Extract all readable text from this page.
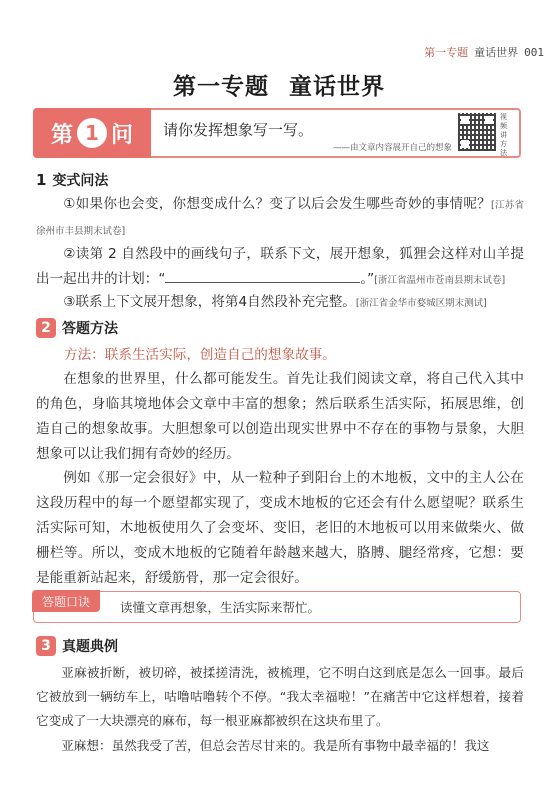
第一专题 童话世界 001
第一专题 童话世界
第 1 问 请你发挥想象写一写。
——由文章内容展开自己的想象
视频讲方法
1 变式问法
①如果你也会变，你想变成什么？变了以后会发生哪些奇妙的事情呢？[江苏省徐州市丰县期末试卷]
②读第 2 自然段中的画线句子，联系下文，展开想象，狐狸会这样对山羊提出一起出井的计划：“	。”[浙江省温州市苍南县期末试卷]
③联系上下文展开想象，将第4自然段补充完整。[浙江省金华市婺城区期末测试]
2 答题方法
方法：联系生活实际，创造自己的想象故事。
在想象的世界里，什么都可能发生。首先让我们阅读文章，将自己代入其中的角色，身临其境地体会文章中丰富的想象；然后联系生活实际，拓展思维，创造自己的想象故事。大胆想象可以创造出现实世界中不存在的事物与景象，大胆想象可以让我们拥有奇妙的经历。
例如《那一定会很好》中，从一粒种子到阳台上的木地板，文中的主人公在这段历程中的每一个愿望都实现了，变成木地板的它还会有什么愿望呢？联系生活实际可知，木地板使用久了会变坏、变旧，老旧的木地板可以用来做柴火、做栅栏等。所以，变成木地板的它随着年龄越来越大，胳膊、腿经常疼，它想：要是能重新站起来，舒缓筋骨，那一定会很好。
答题口诀	读懂文章再想象，生活实际来帮忙。
3 真题典例
亚麻被折断，被切碎，被揉搓清洗，被梳理，它不明白这到底是怎么一回事。最后它被放到一辆纺车上，咕噜咕噜转个不停。“我太幸福啦！”在痛苦中它这样想着，接着它变成了一大块漂亮的麻布，每一根亚麻都被织在这块布里了。
亚麻想：虽然我受了苦，但总会苦尽甘来的。我是所有事物中最幸福的！我这
